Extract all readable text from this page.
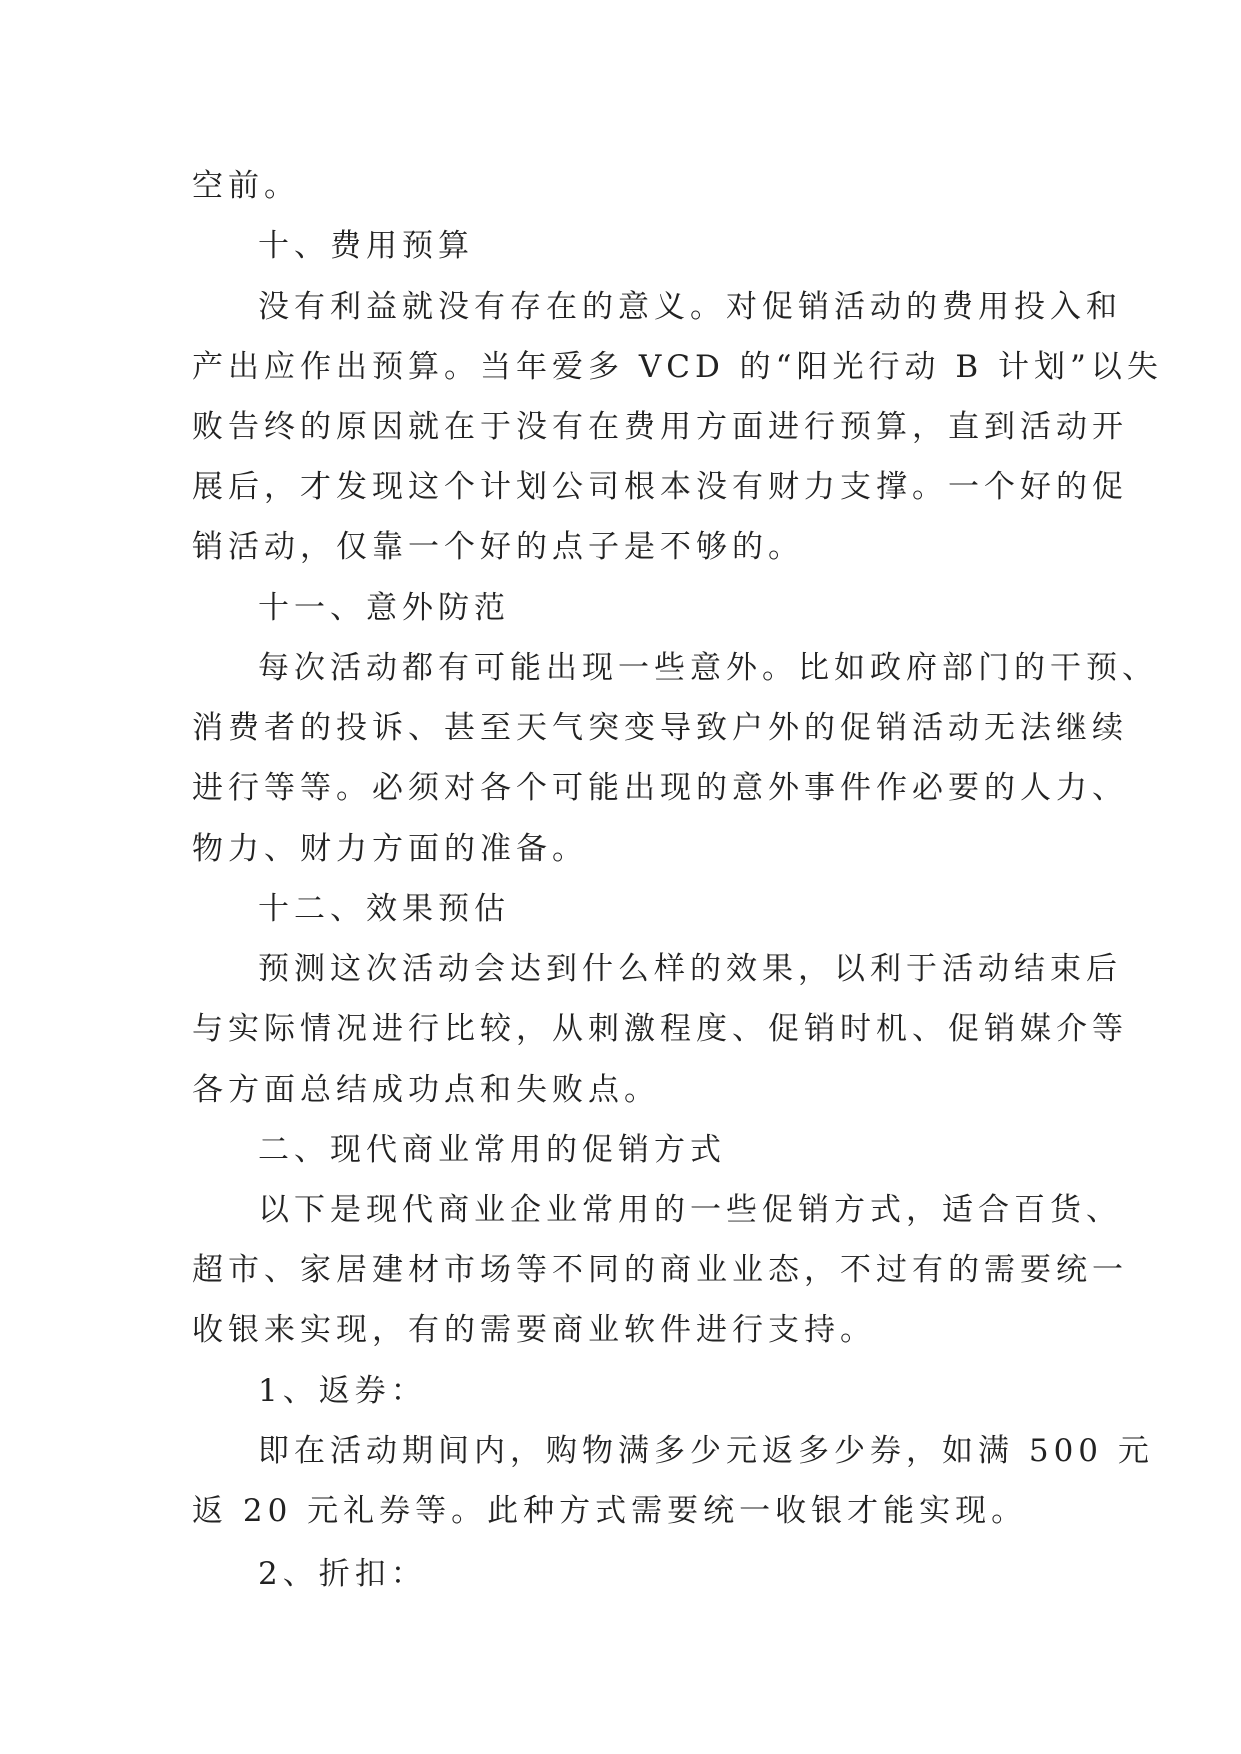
空前。

十、费用预算

没有利益就没有存在的意义。对促销活动的费用投入和

产出应作出预算。当年爱多 VCD 的“阳光行动 B 计划”以失

败告终的原因就在于没有在费用方面进行预算，直到活动开

展后，才发现这个计划公司根本没有财力支撑。一个好的促

销活动，仅靠一个好的点子是不够的。

十一、意外防范

每次活动都有可能出现一些意外。比如政府部门的干预、

消费者的投诉、甚至天气突变导致户外的促销活动无法继续

进行等等。必须对各个可能出现的意外事件作必要的人力、

物力、财力方面的准备。

十二、效果预估

预测这次活动会达到什么样的效果，以利于活动结束后

与实际情况进行比较，从刺激程度、促销时机、促销媒介等

各方面总结成功点和失败点。

二、现代商业常用的促销方式

以下是现代商业企业常用的一些促销方式，适合百货、

超市、家居建材市场等不同的商业业态，不过有的需要统一

收银来实现，有的需要商业软件进行支持。

1、返券：

即在活动期间内，购物满多少元返多少券，如满 500 元

返 20 元礼券等。此种方式需要统一收银才能实现。

2、折扣：
